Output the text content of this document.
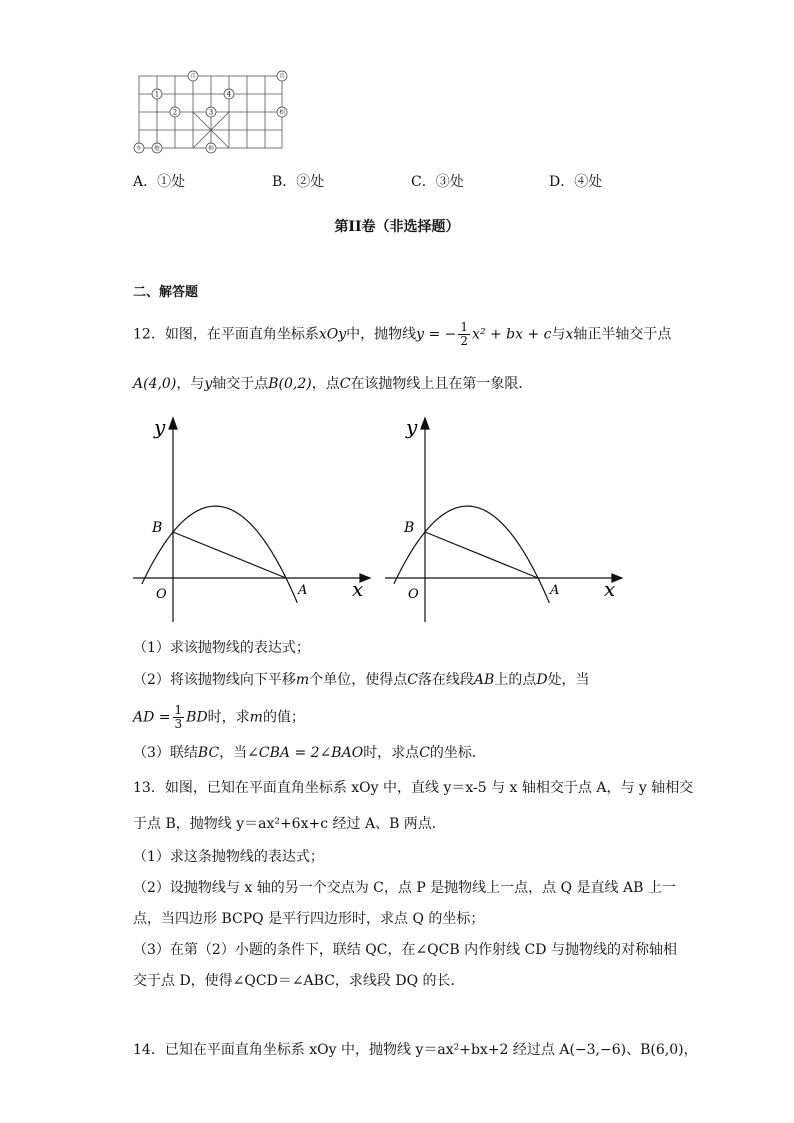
1
2	3
4
兵	兵
相
车 炮	帅
A．①处	B．②处	C．③处	D．④处
第II卷（非选择题）
二、解答题
12．如图，在平面直角坐标系xOy中，抛物线y = − $\frac{1}{2} x^2$ + bx + c与x轴正半轴交于点
A(4,0)，与y轴交于点B(0,2)，点C在该抛物线上且在第一象限．
y
x
B
O	A
y
x
B
O	A
（1）求该抛物线的表达式；
（2）将该抛物线向下平移m个单位，使得点C落在线段AB上的点D处，当
AD = $\frac{1}{3}$ BD时，求m的值；
（3）联结BC，当∠CBA = 2∠BAO时，求点C的坐标．
13．如图，已知在平面直角坐标系 xOy 中，直线 y＝x-5 与 x 轴相交于点 A，与 y 轴相交
于点 B，抛物线 y＝ax²+6x+c 经过 A、B 两点．
（1）求这条抛物线的表达式；
（2）设抛物线与 x 轴的另一个交点为 C，点 P 是抛物线上一点，点 Q 是直线 AB 上一
点，当四边形 BCPQ 是平行四边形时，求点 Q 的坐标；
（3）在第（2）小题的条件下，联结 QC，在∠QCB 内作射线 CD 与抛物线的对称轴相
交于点 D，使得∠QCD＝∠ABC，求线段 DQ 的长．
14．已知在平面直角坐标系 xOy 中，抛物线 y＝ax²+bx+2 经过点 A(−3,−6)、B(6,0)，
